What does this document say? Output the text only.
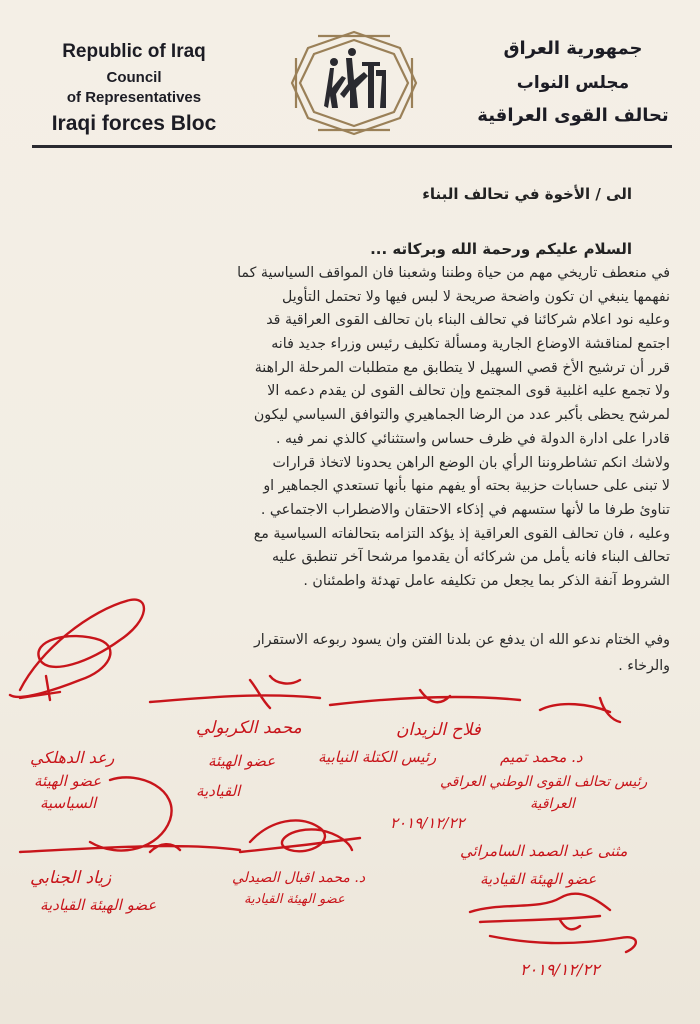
Republic of Iraq
Council
of Representatives
Iraqi forces Bloc
جمهورية العراق
مجلس النواب
تحالف القوى العراقية
الى / الأخوة في تحالف البناء
السلام عليكم ورحمة الله وبركاته ...
في منعطف تاريخي مهم من حياة وطننا وشعبنا فان المواقف السياسية كما
نفهمها ينبغي ان تكون واضحة صريحة لا لبس فيها ولا تحتمل التأويل
وعليه نود اعلام شركائنا في تحالف البناء بان تحالف القوى العراقية قد
اجتمع لمناقشة الاوضاع الجارية ومسألة تكليف رئيس وزراء جديد فانه
قرر أن ترشيح الأخ قصي السهيل لا يتطابق مع متطلبات المرحلة الراهنة
ولا تجمع عليه اغلبية قوى المجتمع وإن تحالف القوى لن يقدم دعمه الا
لمرشح يحظى بأكبر عدد من الرضا الجماهيري والتوافق السياسي ليكون
قادرا على ادارة الدولة في ظرف حساس واستثنائي كالذي نمر فيه .
ولاشك انكم تشاطروننا الرأي بان الوضع الراهن يحدونا لاتخاذ قرارات
لا تبنى على حسابات حزبية بحته أو يفهم منها بأنها تستعدي الجماهير او
تناوئ طرفا ما لأنها ستسهم في إذكاء الاحتقان والاضطراب الاجتماعي .
وعليه ، فان تحالف القوى العراقية إذ يؤكد التزامه بتحالفاته السياسية مع
تحالف البناء فانه يأمل من شركائه أن يقدموا مرشحا آخر تنطبق عليه
الشروط آنفة الذكر بما يجعل من تكليفه عامل تهدئة واطمئنان .
وفي الختام ندعو الله ان يدفع عن بلدنا الفتن وان يسود ربوعه الاستقرار
والرخاء .
رعد الدهلكي
عضو الهيئة
السياسية
محمد الكربولي
عضو الهيئة
القيادية
فلاح الزيدان
رئيس الكتلة النيابية	د. محمد تميم
رئيس تحالف القوى الوطني العراقي
العراقية
٢٠١٩/١٢/٢٢
زياد الجنابي
عضو الهيئة القيادية
د. محمد اقبال الصيدلي
عضو الهيئة القيادية
مثنى عبد الصمد السامرائي
عضو الهيئة القيادية
٢٠١٩/١٢/٢٢
